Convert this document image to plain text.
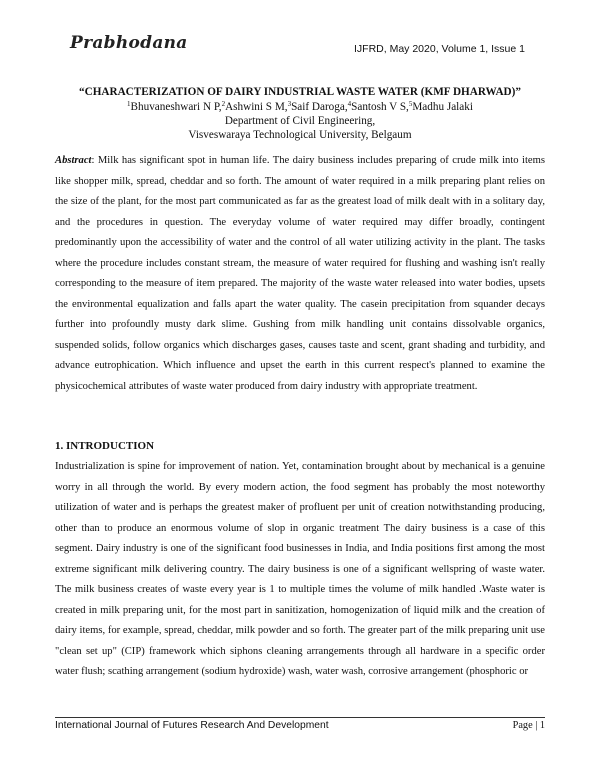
Prabhodana	IJFRD, May 2020, Volume 1, Issue 1
“CHARACTERIZATION OF DAIRY INDUSTRIAL WASTE WATER (KMF DHARWAD)”
$^1$Bhuvaneshwari N P,$^2$Ashwini S M,$^3$Saif Daroga,$^4$Santosh V S,$^5$Madhu Jalaki
Department of Civil Engineering,
Visveswaraya Technological University, Belgaum

Abstract: Milk has significant spot in human life. The dairy business includes preparing of crude milk into items like shopper milk, spread, cheddar and so forth. The amount of water required in a milk preparing plant relies on the size of the plant, for the most part communicated as far as the greatest load of milk dealt with in a solitary day, and the procedures in question. The everyday volume of water required may differ broadly, contingent predominantly upon the accessibility of water and the control of all water utilizing activity in the plant. The tasks where the procedure includes constant stream, the measure of water required for flushing and washing isn't really corresponding to the measure of item prepared. The majority of the waste water released into water bodies, upsets the environmental equalization and falls apart the water quality. The casein precipitation from squander decays further into profoundly musty dark slime. Gushing from milk handling unit contains dissolvable organics, suspended solids, follow organics which discharges gases, causes taste and scent, grant shading and turbidity, and advance eutrophication. Which influence and upset the earth in this current respect's planned to examine the physicochemical attributes of waste water produced from dairy industry with appropriate treatment.

1. INTRODUCTION

Industrialization is spine for improvement of nation. Yet, contamination brought about by mechanical is a genuine worry in all through the world. By every modern action, the food segment has probably the most noteworthy utilization of water and is perhaps the greatest maker of profluent per unit of creation notwithstanding producing, other than to produce an enormous volume of slop in organic treatment The dairy business is a case of this segment. Dairy industry is one of the significant food businesses in India, and India positions first among the most extreme significant milk delivering country. The dairy business is one of a significant wellspring of waste water. The milk business creates of waste every year is 1 to multiple times the volume of milk handled .Waste water is created in milk preparing unit, for the most part in sanitization, homogenization of liquid milk and the creation of dairy items, for example, spread, cheddar, milk powder and so forth. The greater part of the milk preparing unit use "clean set up" (CIP) framework which siphons cleaning arrangements through all hardware in a specific order water flush; scathing arrangement (sodium hydroxide) wash, water wash, corrosive arrangement (phosphoric or

International Journal of Futures Research And Development	Page | 1
